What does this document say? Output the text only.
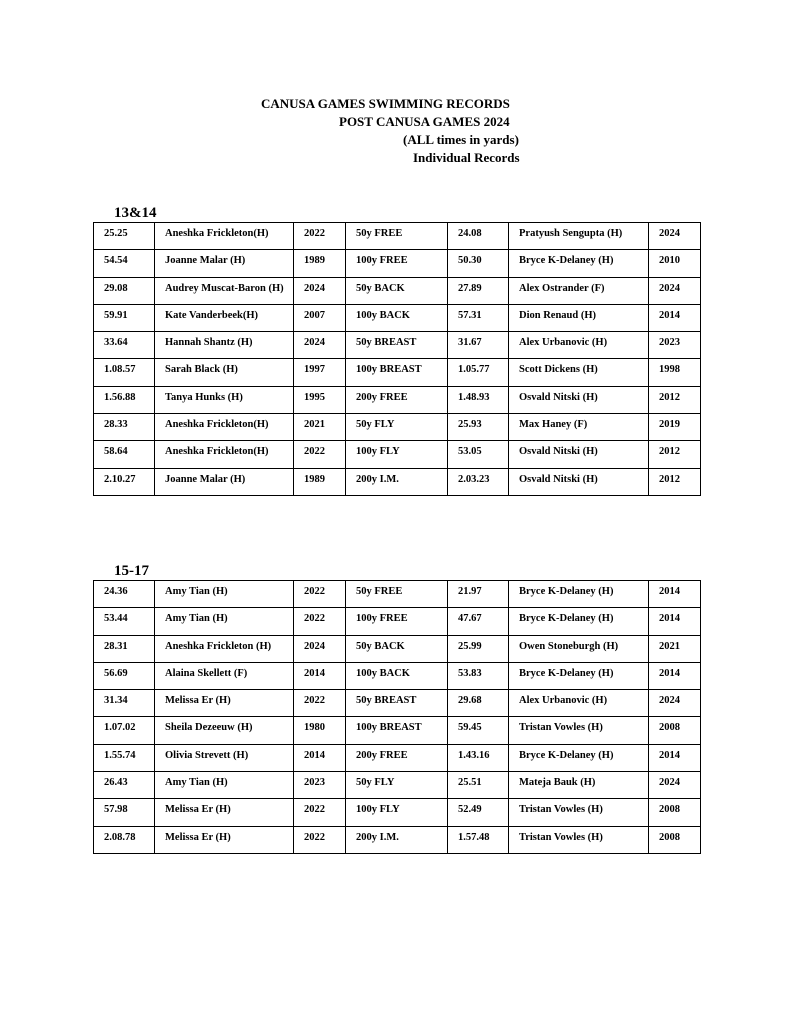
CANUSA GAMES SWIMMING RECORDS
POST CANUSA GAMES 2024
(ALL times in yards)
Individual Records
13&14
25.25	Aneshka Frickleton(H)	2022	50y FREE	24.08	Pratyush Sengupta (H)	2024
54.54	Joanne Malar (H)	1989	100y FREE	50.30	Bryce K-Delaney (H)	2010
29.08	Audrey Muscat-Baron (H)	2024	50y BACK	27.89	Alex Ostrander (F)	2024
59.91	Kate Vanderbeek(H)	2007	100y BACK	57.31	Dion Renaud (H)	2014
33.64	Hannah Shantz (H)	2024	50y BREAST	31.67	Alex Urbanovic (H)	2023
1.08.57	Sarah Black (H)	1997	100y BREAST	1.05.77	Scott Dickens (H)	1998
1.56.88	Tanya Hunks (H)	1995	200y FREE	1.48.93	Osvald Nitski (H)	2012
28.33	Aneshka Frickleton(H)	2021	50y FLY	25.93	Max Haney (F)	2019
58.64	Aneshka Frickleton(H)	2022	100y FLY	53.05	Osvald Nitski (H)	2012
2.10.27	Joanne Malar (H)	1989	200y I.M.	2.03.23	Osvald Nitski (H)	2012
15-17
24.36	Amy Tian (H)	2022	50y FREE	21.97	Bryce K-Delaney (H)	2014
53.44	Amy Tian (H)	2022	100y FREE	47.67	Bryce K-Delaney (H)	2014
28.31	Aneshka Frickleton (H)	2024	50y BACK	25.99	Owen Stoneburgh (H)	2021
56.69	Alaina Skellett (F)	2014	100y BACK	53.83	Bryce K-Delaney (H)	2014
31.34	Melissa Er (H)	2022	50y BREAST	29.68	Alex Urbanovic (H)	2024
1.07.02	Sheila Dezeeuw (H)	1980	100y BREAST	59.45	Tristan Vowles (H)	2008
1.55.74	Olivia Strevett (H)	2014	200y FREE	1.43.16	Bryce K-Delaney (H)	2014
26.43	Amy Tian (H)	2023	50y FLY	25.51	Mateja Bauk (H)	2024
57.98	Melissa Er (H)	2022	100y FLY	52.49	Tristan Vowles (H)	2008
2.08.78	Melissa Er (H)	2022	200y I.M.	1.57.48	Tristan Vowles (H)	2008
